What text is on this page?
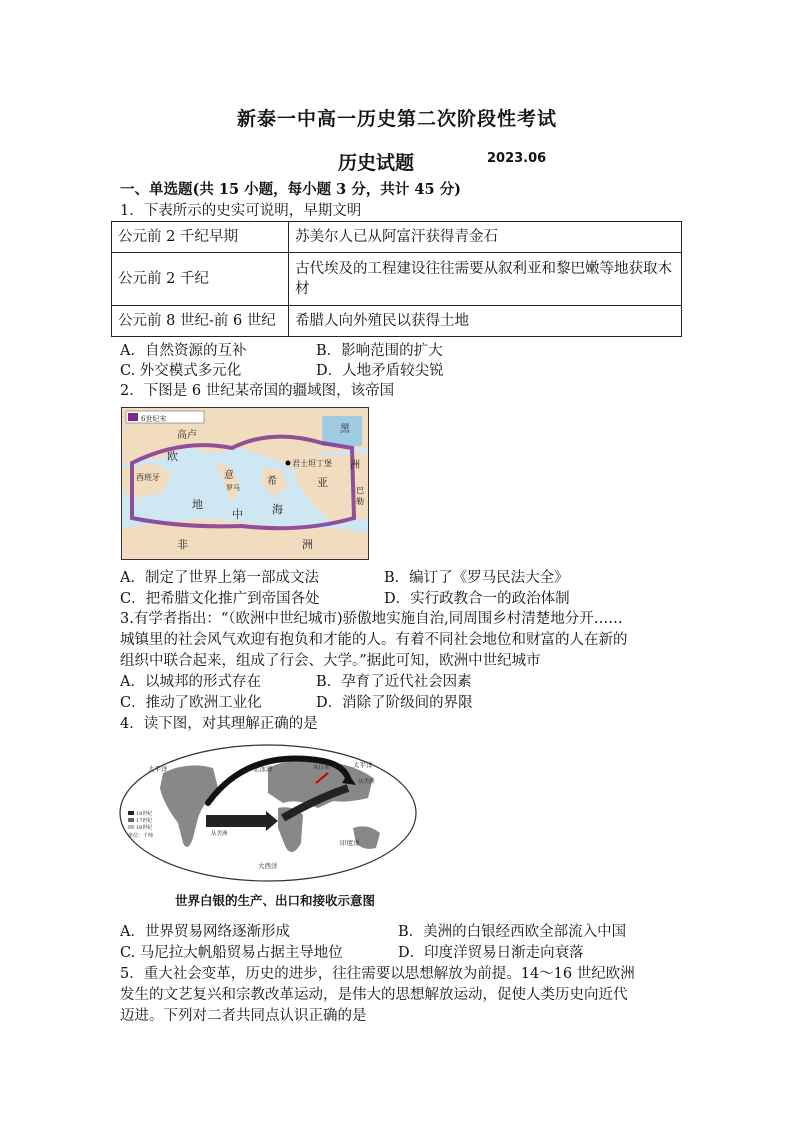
新泰一中高一历史第二次阶段性考试
历史试题	2023.06
一、单选题(共 15 小题，每小题 3 分，共计 45 分)
1．下表所示的史实可说明，早期文明
公元前 2 千纪早期	苏美尔人已从阿富汗获得青金石
公元前 2 千纪	古代埃及的工程建设往往需要从叙利亚和黎巴嫩等地获取木材
公元前 8 世纪-前 6 世纪	希腊人向外殖民以获得土地
A．自然资源的互补	B．影响范围的扩大
C. 外交模式多元化	D．人地矛盾较尖锐
2．下图是 6 世纪某帝国的疆域图，该帝国
6世纪末
高卢
欧
西班牙	意
罗马
希
君士坦丁堡
亚
地
中	海
黑
洲
巴
勒
非	洲
A．制定了世界上第一部成文法	B．编订了《罗马民法大全》
C．把希腊文化推广到帝国各处	D．实行政教合一的政治体制
3.有学者指出：“（欧洲中世纪城市)骄傲地实施自治,同周围乡村清楚地分开……
城镇里的社会风气欢迎有抱负和才能的人。有着不同社会地位和财富的人在新的
组织中联合起来，组成了行会、大学。”据此可知，欧洲中世纪城市
A．以城邦的形式存在	B．孕育了近代社会因素
C．推动了欧洲工业化	D．消除了阶级间的界限
4．读下图，对其理解正确的是
太平洋	北冰洋	太平洋
从日本
从美洲
美洲
印度洋
大西洋
从美洲
18世纪
17世纪
16世纪
单位：千吨
世界白银的生产、出口和接收示意图
A．世界贸易网络逐渐形成	B．美洲的白银经西欧全部流入中国
C. 马尼拉大帆船贸易占据主导地位	D．印度洋贸易日渐走向衰落
5．重大社会变革，历史的进步，往往需要以思想解放为前提。14～16 世纪欧洲
发生的文艺复兴和宗教改革运动，是伟大的思想解放运动，促使人类历史向近代
迈进。下列对二者共同点认识正确的是
